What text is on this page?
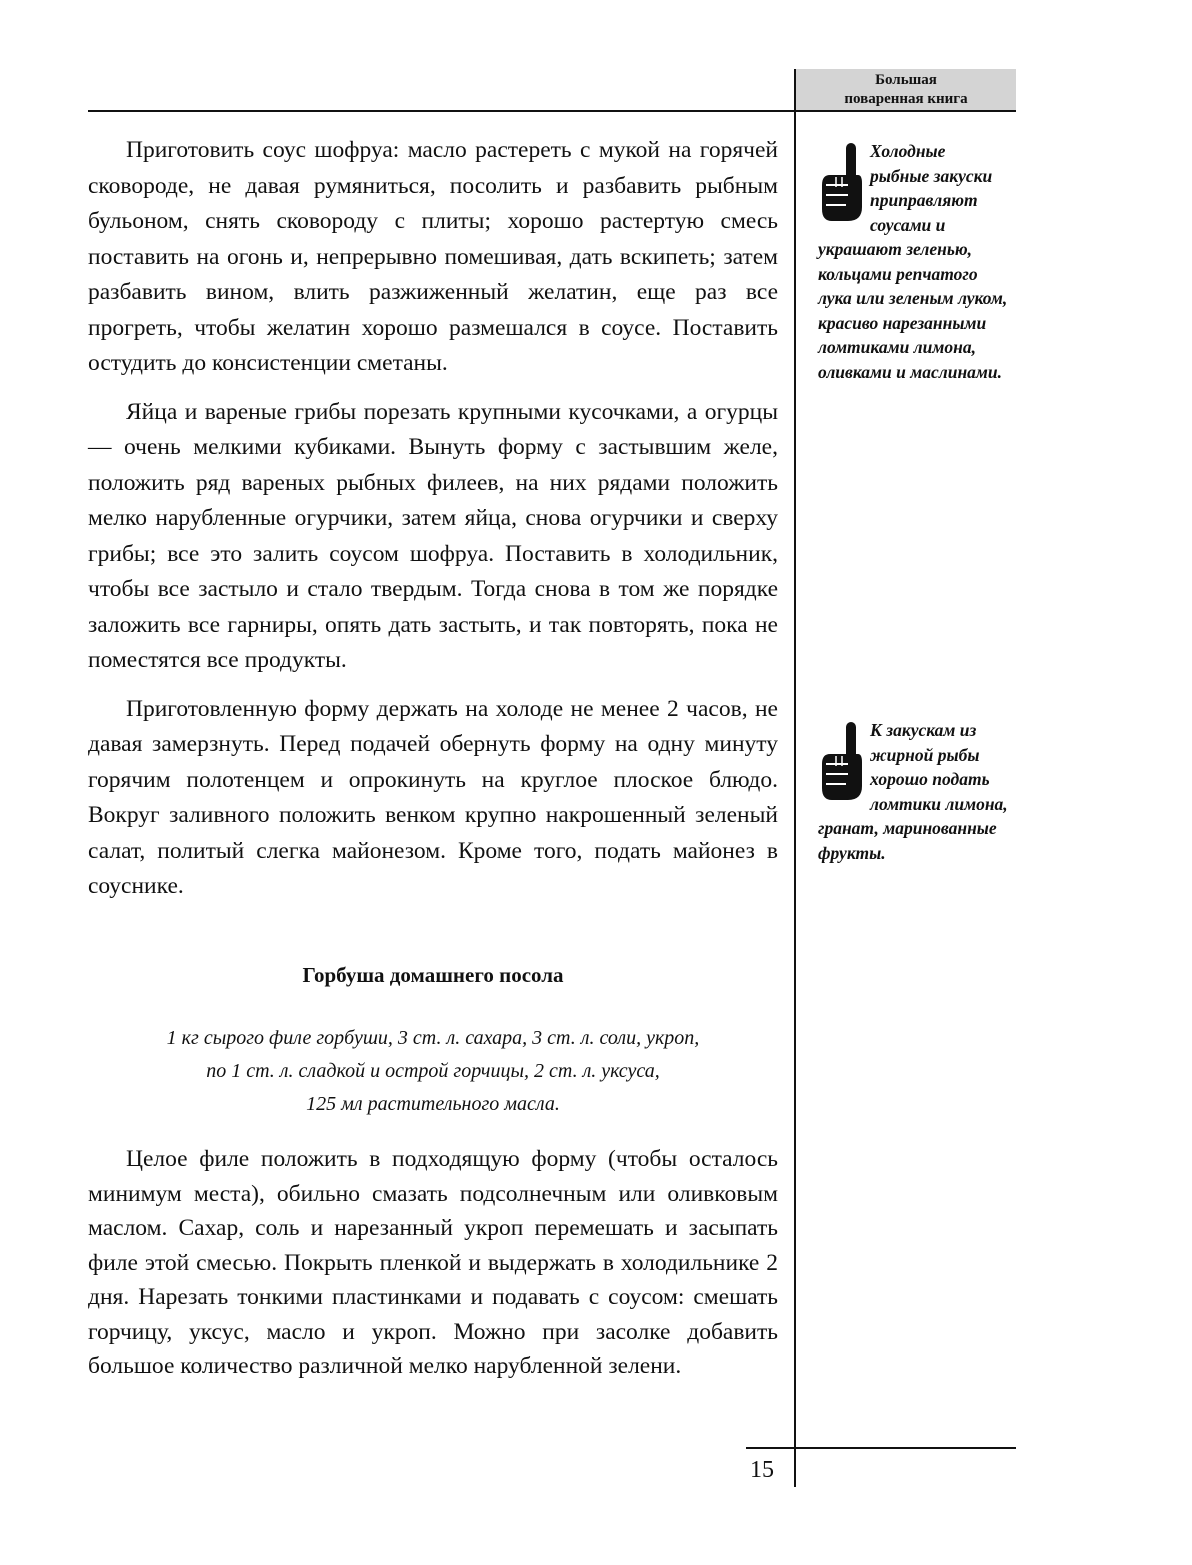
Большая
поваренная книга

Приготовить соус шофруа: масло растереть с мукой на горячей сковороде, не давая румяниться, посолить и разбавить рыбным бульоном, снять сковороду с плиты; хорошо растертую смесь поставить на огонь и, непрерывно помешивая, дать вскипеть; затем разбавить вином, влить разжиженный желатин, еще раз все прогреть, чтобы желатин хорошо размешался в соусе. Поставить остудить до консистенции сметаны.

Яйца и вареные грибы порезать крупными кусочками, а огурцы — очень мелкими кубиками. Вынуть форму с застывшим желе, положить ряд вареных рыбных филеев, на них рядами положить мелко нарубленные огурчики, затем яйца, снова огурчики и сверху грибы; все это залить соусом шофруа. Поставить в холодильник, чтобы все застыло и стало твердым. Тогда снова в том же порядке заложить все гарниры, опять дать застыть, и так повторять, пока не поместятся все продукты.

Приготовленную форму держать на холоде не менее 2 часов, не давая замерзнуть. Перед подачей обернуть форму на одну минуту горячим полотенцем и опрокинуть на круглое плоское блюдо. Вокруг заливного положить венком крупно накрошенный зеленый салат, политый слегка майонезом. Кроме того, подать майонез в соуснике.

Горбуша домашнего посола
1 кг сырого филе горбуши, 3 ст. л. сахара, 3 ст. л. соли, укроп,
по 1 ст. л. сладкой и острой горчицы, 2 ст. л. уксуса,
125 мл растительного масла.

Целое филе положить в подходящую форму (чтобы осталось минимум места), обильно смазать подсолнечным или оливковым маслом. Сахар, соль и нарезанный укроп перемешать и засыпать филе этой смесью. Покрыть пленкой и выдержать в холодильнике 2 дня. Нарезать тонкими пластинками и подавать с соусом: смешать горчицу, уксус, масло и укроп. Можно при засолке добавить большое количество различной мелко нарубленной зелени.

Холодные рыбные закуски приправляют соусами и украшают зеленью, кольцами репчатого лука или зеленым луком, красиво нарезанными ломтиками лимона, оливками и маслинами.
К закускам из жирной рыбы хорошо подать ломтики лимона, гранат, маринованные фрукты.
15
